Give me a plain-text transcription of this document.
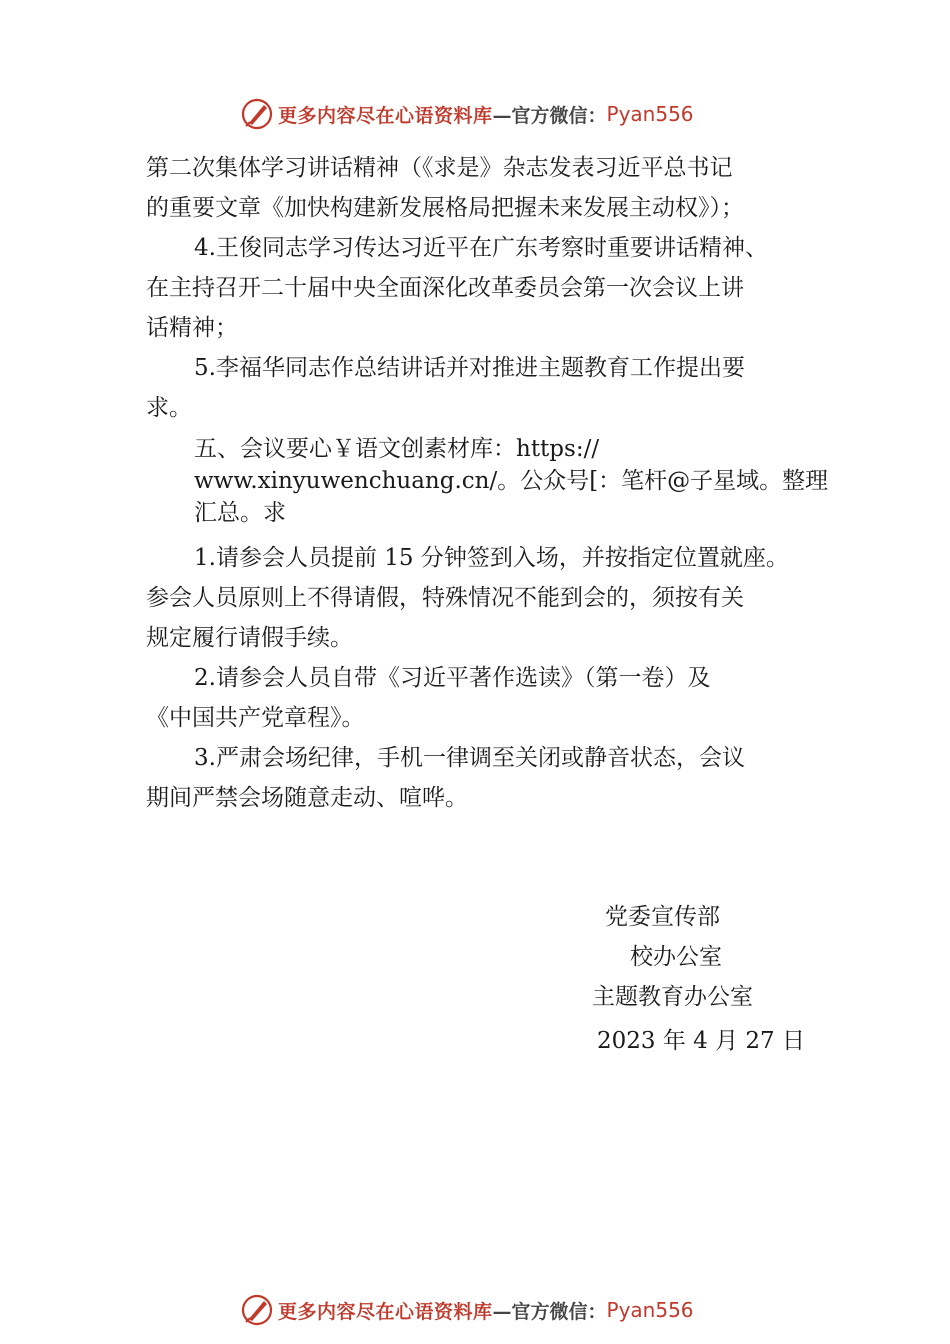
更多内容尽在心语资料库 —官方微信： Pyan556
第二次集体学习讲话精神（《求是》杂志发表习近平总书记
的重要文章《加快构建新发展格局把握未来发展主动权》）；
4.王俊同志学习传达习近平在广东考察时重要讲话精神、
在主持召开二十届中央全面深化改革委员会第一次会议上讲
话精神；
5.李福华同志作总结讲话并对推进主题教育工作提出要
求。
五、会议要心￥语文创素材库：https://
www.xinyuwenchuang.cn/。公众号[：笔杆@子星域。整理
汇总。求
1.请参会人员提前 15 分钟签到入场，并按指定位置就座。
参会人员原则上不得请假，特殊情况不能到会的，须按有关
规定履行请假手续。
2.请参会人员自带《习近平著作选读》（第一卷）及
《中国共产党章程》。
3.严肃会场纪律，手机一律调至关闭或静音状态，会议
期间严禁会场随意走动、喧哗。
党委宣传部
校办公室
主题教育办公室
2023 年 4 月 27 日
更多内容尽在心语资料库 —官方微信： Pyan556
